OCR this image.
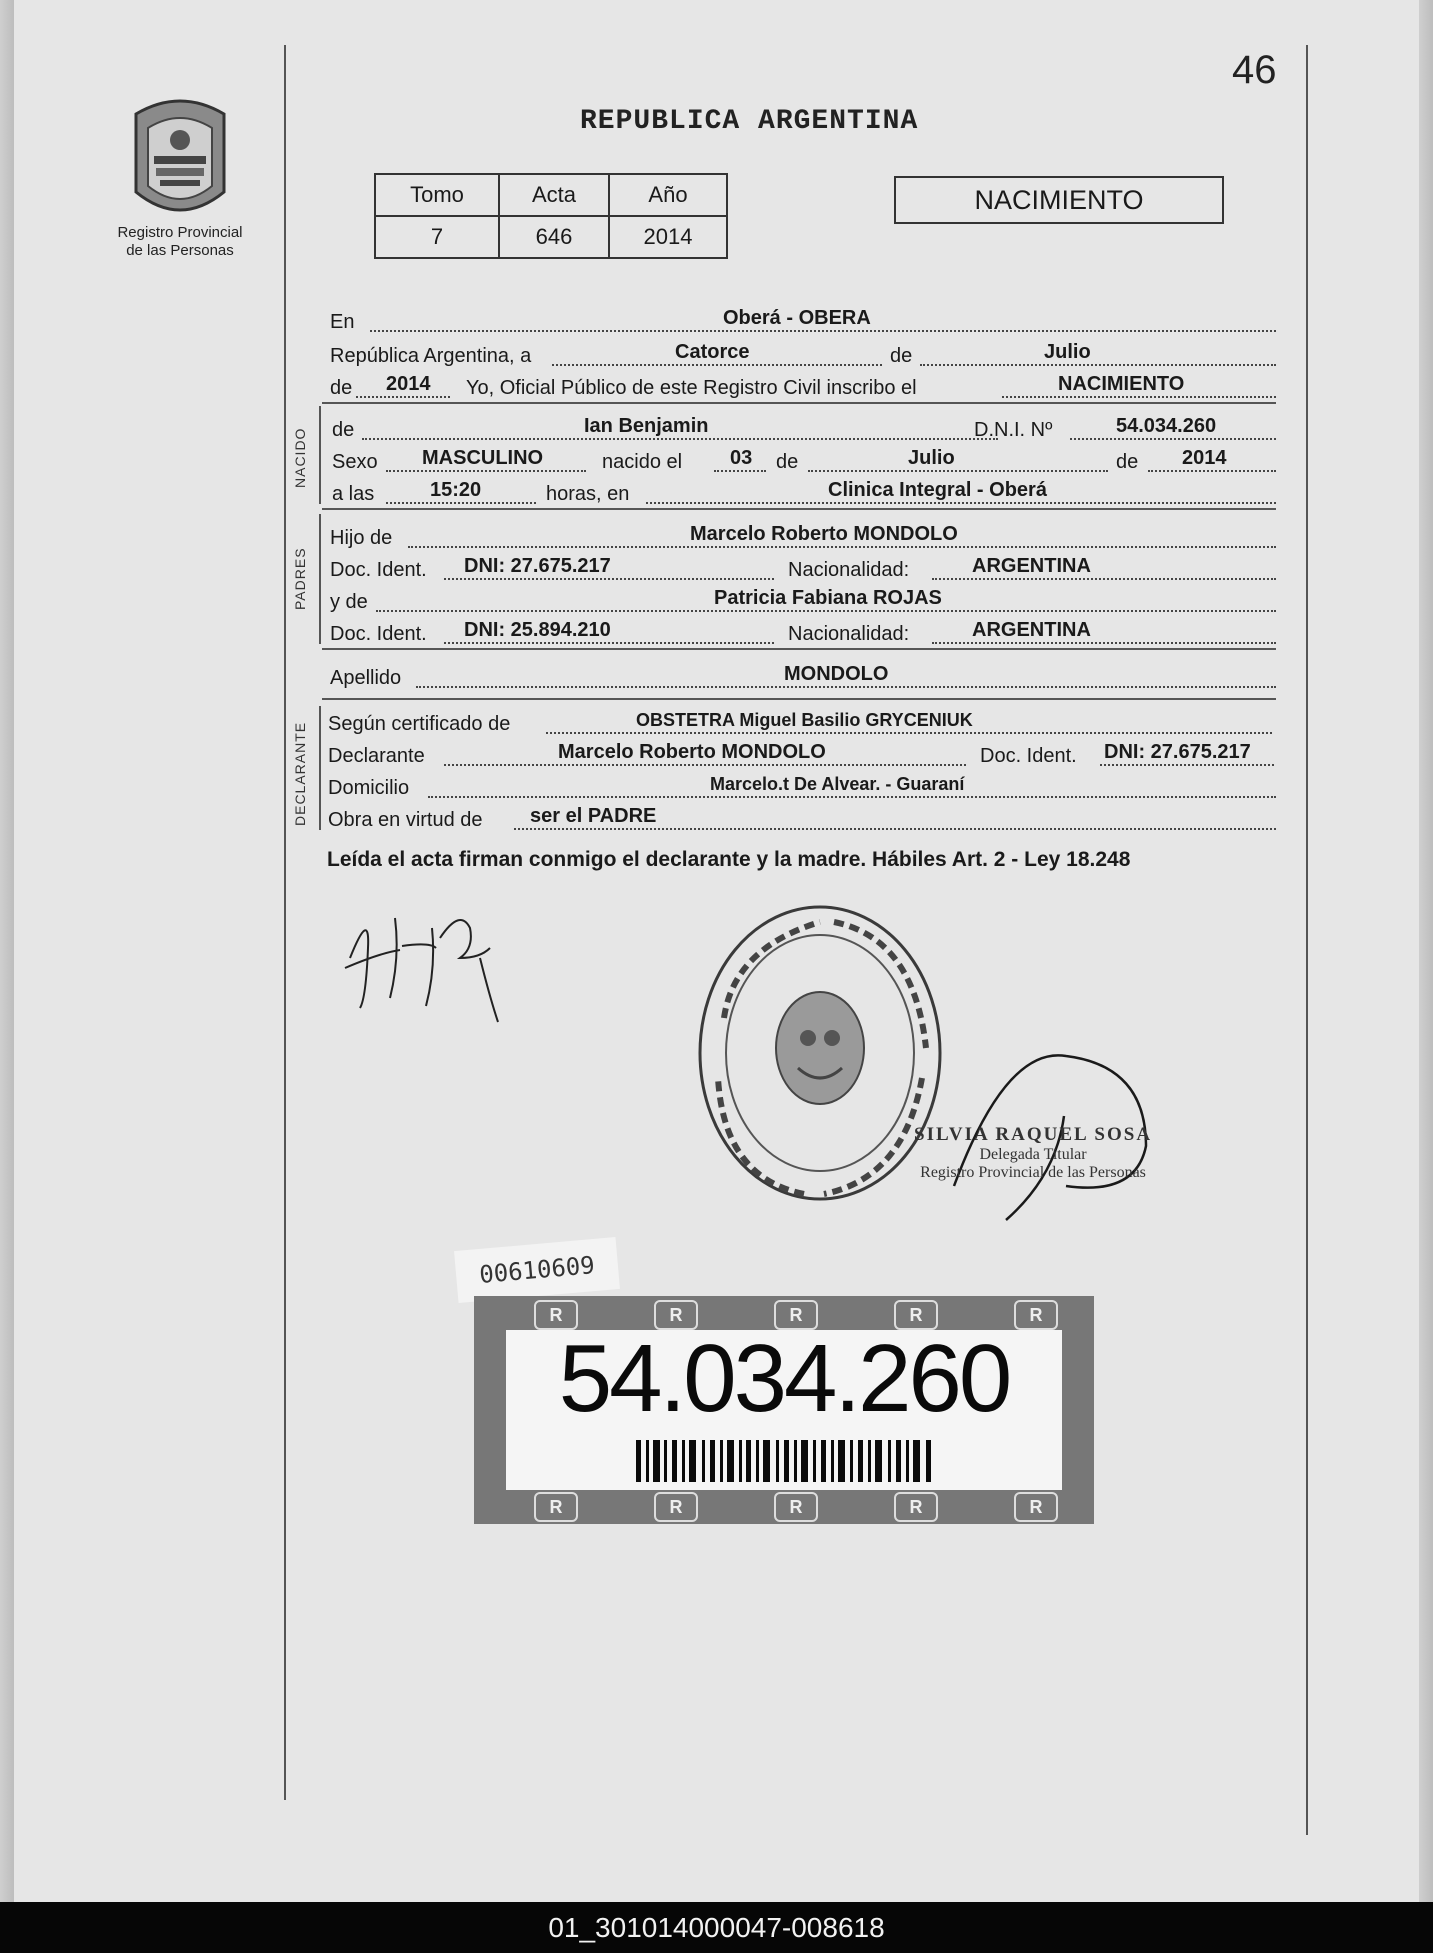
46
REPUBLICA ARGENTINA
Registro Provincial
de las Personas
Tomo	Acta	Año
7	646	2014
NACIMIENTO
En	Oberá - OBERA
República Argentina, a	Catorce	de	Julio
de 2014 Yo, Oficial Público de este Registro Civil inscribo el	NACIMIENTO
NACIDO de	Ian Benjamin	D.N.I. Nº	54.034.260
Sexo MASCULINO	nacido el 03 de	Julio	de 2014
a las	15:20	horas, en	Clinica Integral - Oberá
PADRES
Hijo de	Marcelo Roberto MONDOLO
Doc. Ident. DNI: 27.675.217	Nacionalidad:	ARGENTINA
y de	Patricia Fabiana ROJAS
Doc. Ident. DNI: 25.894.210	Nacionalidad:	ARGENTINA
Apellido	MONDOLO
DECLARANTE Según certificado de	OBSTETRA Miguel Basilio GRYCENIUK
Declarante	Marcelo Roberto MONDOLO	Doc. Ident. DNI: 27.675.217
Domicilio	Marcelo.t De Alvear. - Guaraní
Obra en virtud de ser el PADRE
Leída el acta firman conmigo el declarante y la madre. Hábiles Art. 2 - Ley 18.248
SILVIA RAQUEL SOSA
Delegada Titular
Registro Provincial de las Personas
00610609
54.034.260
R	R	R	R	R
R	R	R	R	R
01_301014000047-008618
